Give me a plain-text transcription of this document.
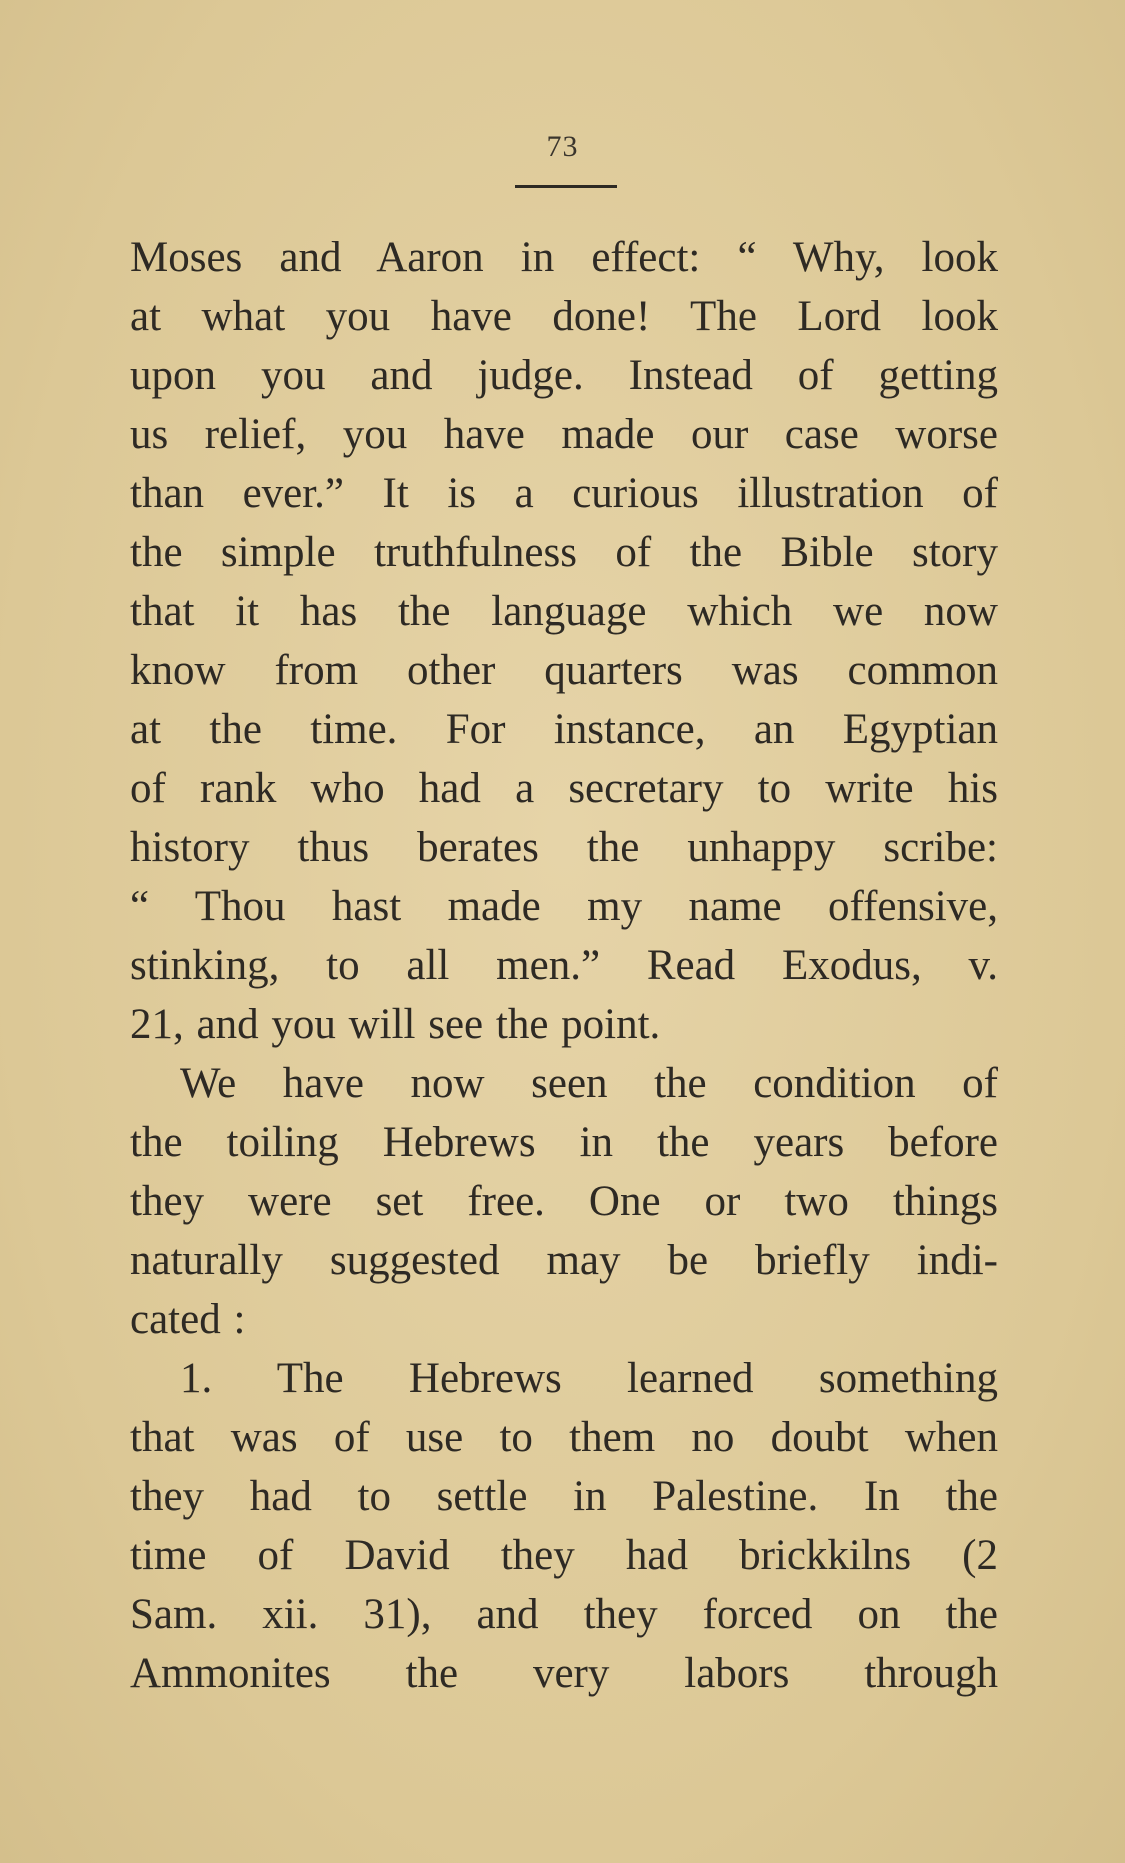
73
Moses and Aaron in effect: “ Why, look
at what you have done! The Lord look
upon you and judge. Instead of getting
us relief, you have made our case worse
than ever.” It is a curious illustration of
the simple truthfulness of the Bible story
that it has the language which we now
know from other quarters was common
at the time. For instance, an Egyptian
of rank who had a secretary to write his
history thus berates the unhappy scribe:
“ Thou hast made my name offensive,
stinking, to all men.” Read Exodus, v.
21, and you will see the point.
We have now seen the condition of
the toiling Hebrews in the years before
they were set free. One or two things
naturally suggested may be briefly indi-
cated :
1. The Hebrews learned something
that was of use to them no doubt when
they had to settle in Palestine. In the
time of David they had brickkilns (2
Sam. xii. 31), and they forced on the
Ammonites the very labors through
